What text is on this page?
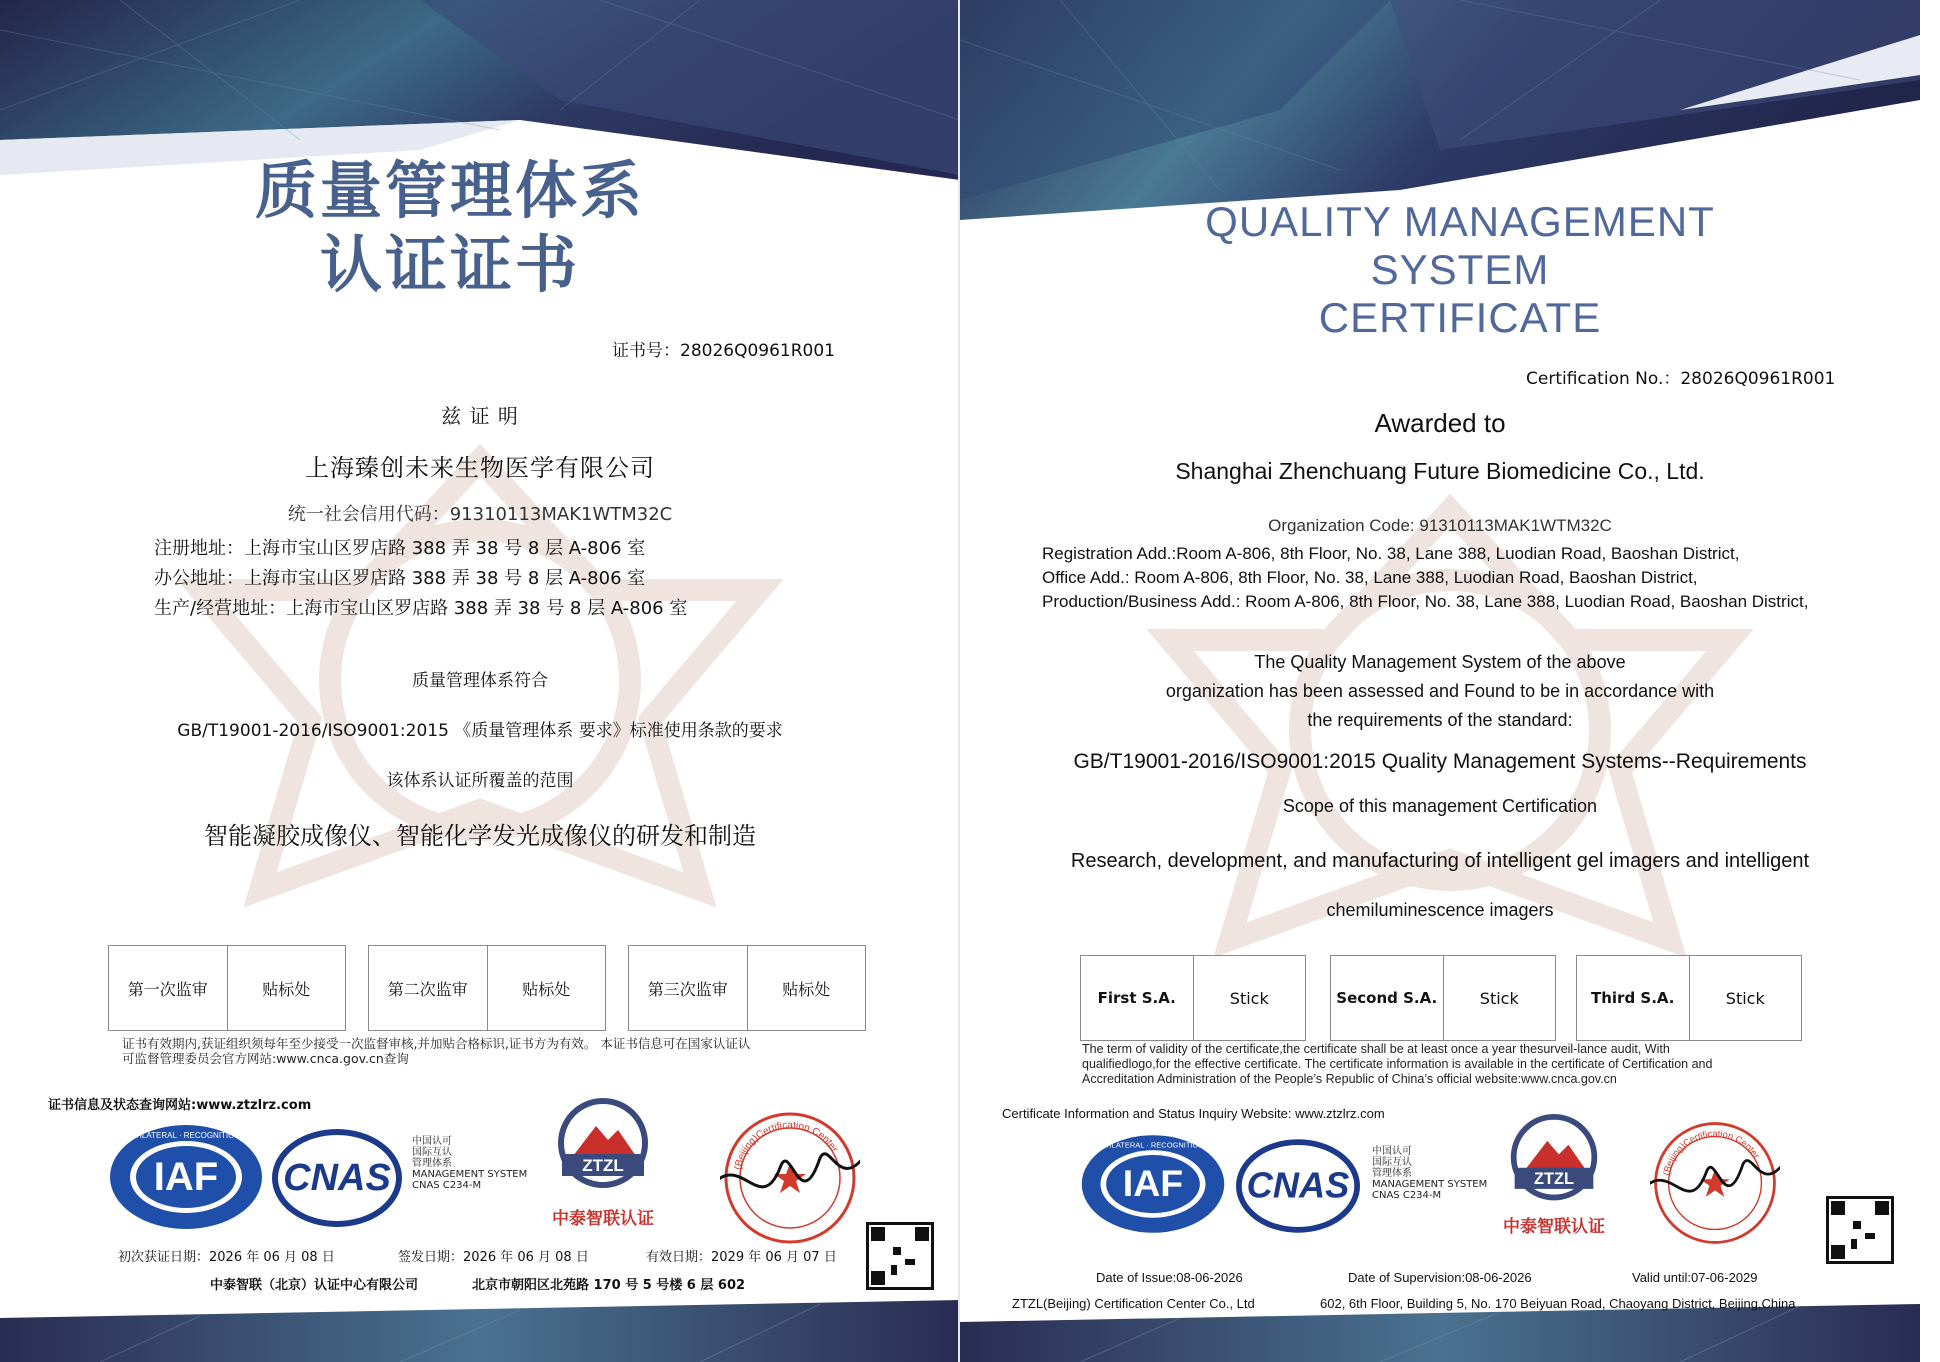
质量管理体系
认证证书
证书号：28026Q0961R001
兹 证 明
上海臻创未来生物医学有限公司
统一社会信用代码：91310113MAK1WTM32C
注册地址：上海市宝山区罗店路 388 弄 38 号 8 层 A-806 室
办公地址：上海市宝山区罗店路 388 弄 38 号 8 层 A-806 室
生产/经营地址：上海市宝山区罗店路 388 弄 38 号 8 层 A-806 室
质量管理体系符合
GB/T19001-2016/ISO9001:2015 《质量管理体系 要求》标准使用条款的要求
该体系认证所覆盖的范围
智能凝胶成像仪、智能化学发光成像仪的研发和制造
第一次监审	贴标处	第二次监审	贴标处	第三次监审	贴标处
证书有效期内,获证组织须每年至少接受一次监督审核,并加贴合格标识,证书方为有效。 本证书信息可在国家认证认
可监督管理委员会官方网站:www.cnca.gov.cn查询
证书信息及状态查询网站:www.ztzlrz.com
IAF
MEMBER OF MULTILATERAL · RECOGNITION ARRANGEMENT
CNAS
中国认可
国际互认
管理体系
MANAGEMENT SYSTEM
CNAS C234-M
ZTZL
中泰智联认证
(Beijing)Certification Center
初次获证日期：2026 年 06 月 08 日	签发日期：2026 年 06 月 08 日	有效日期：2029 年 06 月 07 日
中泰智联（北京）认证中心有限公司	北京市朝阳区北苑路 170 号 5 号楼 6 层 602
QUALITY MANAGEMENT
SYSTEM
CERTIFICATE
Certification No.：28026Q0961R001
Awarded to
Shanghai Zhenchuang Future Biomedicine Co., Ltd.
Organization Code: 91310113MAK1WTM32C
Registration Add.:Room A-806, 8th Floor, No. 38, Lane 388, Luodian Road, Baoshan District,
Office Add.: Room A-806, 8th Floor, No. 38, Lane 388, Luodian Road, Baoshan District,
Production/Business Add.: Room A-806, 8th Floor, No. 38, Lane 388, Luodian Road, Baoshan District,
The Quality Management System of the above
organization has been assessed and Found to be in accordance with
the requirements of the standard:
GB/T19001-2016/ISO9001:2015 Quality Management Systems--Requirements
Scope of this management Certification
Research, development, and manufacturing of intelligent gel imagers and intelligent
chemiluminescence imagers
First S.A.	Stick	Second S.A.	Stick	Third S.A.	Stick
The term of validity of the certificate,the certificate shall be at least once a year thesurveil-lance audit, With
qualifiedlogo,for the effective certificate. The certificate information is available in the certificate of Certification and
Accreditation Administration of the People’s Republic of China’s official website:www.cnca.gov.cn
Certificate Information and Status Inquiry Website: www.ztzlrz.com
IAF
MEMBER OF MULTILATERAL · RECOGNITION ARRANGEMENT
CNAS
中国认可
国际互认
管理体系
MANAGEMENT SYSTEM
CNAS C234-M
ZTZL
中泰智联认证
(Beijing)Certification Center
Date of Issue:08-06-2026	Date of Supervision:08-06-2026	Valid until:07-06-2029
ZTZL(Beijing) Certification Center Co., Ltd	602, 6th Floor, Building 5, No. 170 Beiyuan Road, Chaoyang District, Beijing,China
